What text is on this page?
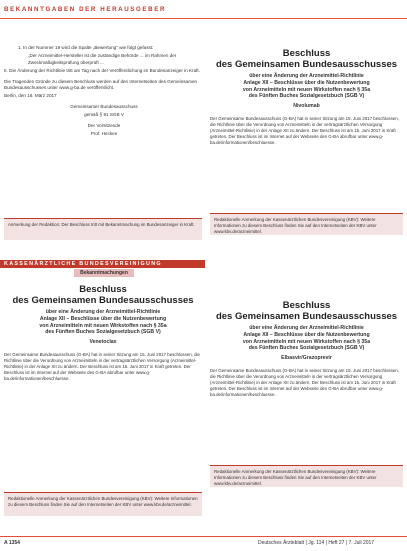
BEKANNTGABEN DER HERAUSGEBER

1. In der Nummer 19 wird die Spalte „Bewertung“ wie folgt gefasst:

„Der Arzneimittel-Hersteller ist die zuständige Behörde ... im Rahmen der Zweckmäßigkeitsprüfung überprüft ...

II. Die Änderung der Richtlinie tritt am Tag nach der Veröffentlichung im Bundesanzeiger in Kraft.

Die Tragenden Gründe zu diesem Beschluss werden auf den Internetseiten des Gemeinsamen Bundesausschusses unter www.g-ba.de veröffentlicht.

Berlin, den 16. März 2017

Gemeinsamer Bundesausschuss

gemäß § 91 SGB V

Der Vorsitzende

Prof. Hecken

Anmerkung der Redaktion: Der Beschluss tritt mit Bekanntmachung im Bundesanzeiger in Kraft.
Beschluss
des Gemeinsamen Bundesausschusses
über eine Änderung der Arzneimittel-Richtlinie
Anlage XII – Beschlüsse über die Nutzenbewertung
von Arzneimitteln mit neuen Wirkstoffen nach § 35a
des Fünften Buches Sozialgesetzbuch (SGB V)
Nivolumab

Der Gemeinsame Bundesausschuss (G-BA) hat in seiner Sitzung am 15. Juni 2017 beschlossen, die Richtlinie über die Verordnung von Arzneimitteln in der vertragsärztlichen Versorgung (Arzneimittel-Richtlinie) in der Anlage XII zu ändern. Der Beschluss ist am 15. Juni 2017 in Kraft getreten. Der Beschluss ist im Internet auf der Webseite des G-BA abrufbar unter www.g-ba.de/informationen/beschluesse.

Redaktionelle Anmerkung der Kassenärztlichen Bundesvereinigung (KBV): Weitere Informationen zu diesem Beschluss finden Sie auf den Internetseiten der KBV unter www.kbv.de/arzneimittel.
KASSENÄRZTLICHE BUNDESVEREINIGUNG
Bekanntmachungen
Beschluss
des Gemeinsamen Bundesausschusses
über eine Änderung der Arzneimittel-Richtlinie
Anlage XII – Beschlüsse über die Nutzenbewertung
von Arzneimitteln mit neuen Wirkstoffen nach § 35a
des Fünften Buches Sozialgesetzbuch (SGB V)
Venetoclax

Der Gemeinsame Bundesausschuss (G-BA) hat in seiner Sitzung am 15. Juni 2017 beschlossen, die Richtlinie über die Verordnung von Arzneimitteln in der vertragsärztlichen Versorgung (Arzneimittel-Richtlinie) in der Anlage XII zu ändern. Der Beschluss ist am 15. Juni 2017 in Kraft getreten. Der Beschluss ist im Internet auf der Webseite des G-BA abrufbar unter www.g-ba.de/informationen/beschluesse.

Redaktionelle Anmerkung der Kassenärztlichen Bundesvereinigung (KBV): Weitere Informationen zu diesem Beschluss finden Sie auf den Internetseiten der KBV unter www.kbv.de/arzneimittel.
Beschluss
des Gemeinsamen Bundesausschusses
über eine Änderung der Arzneimittel-Richtlinie
Anlage XII – Beschlüsse über die Nutzenbewertung
von Arzneimitteln mit neuen Wirkstoffen nach § 35a
des Fünften Buches Sozialgesetzbuch (SGB V)
Elbasvir/Grazoprevir

Der Gemeinsame Bundesausschuss (G-BA) hat in seiner Sitzung am 15. Juni 2017 beschlossen, die Richtlinie über die Verordnung von Arzneimitteln in der vertragsärztlichen Versorgung (Arzneimittel-Richtlinie) in der Anlage XII zu ändern. Der Beschluss ist am 15. Juni 2017 in Kraft getreten. Der Beschluss ist im Internet auf der Webseite des G-BA abrufbar unter www.g-ba.de/informationen/beschluesse.

Redaktionelle Anmerkung der Kassenärztlichen Bundesvereinigung (KBV): Weitere Informationen zu diesem Beschluss finden Sie auf den Internetseiten der KBV unter www.kbv.de/arzneimittel.
A 1354	Deutsches Ärzteblatt | Jg. 114 | Heft 27 | 7. Juli 2017
